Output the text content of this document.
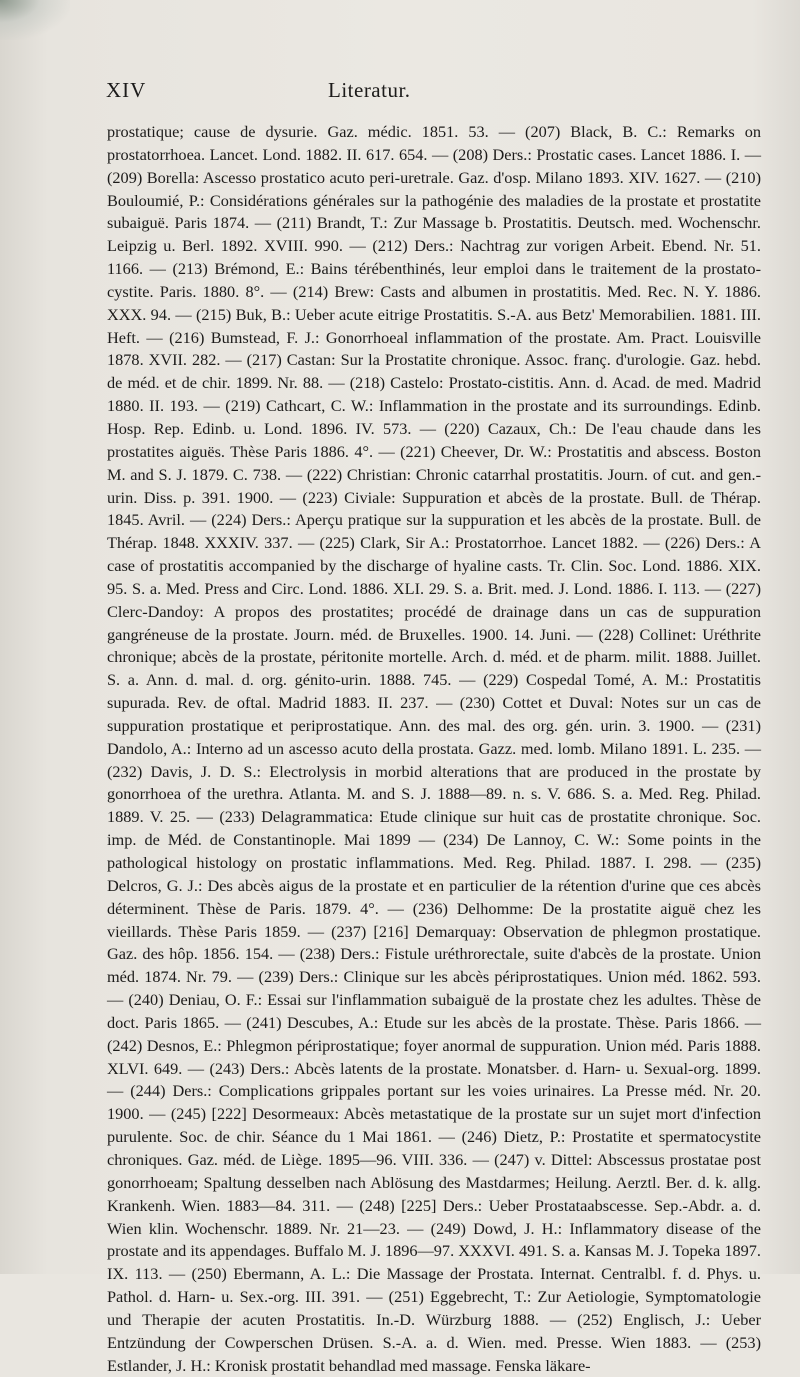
XIV	Literatur.

prostatique; cause de dysurie. Gaz. médic. 1851. 53. — (207) Black, B. C.: Remarks on prostatorrhoea. Lancet. Lond. 1882. II. 617. 654. — (208) Ders.: Prostatic cases. Lancet 1886. I. — (209) Borella: Ascesso prostatico acuto peri-uretrale. Gaz. d'osp. Milano 1893. XIV. 1627. — (210) Bouloumié, P.: Considérations générales sur la pathogénie des maladies de la prostate et prostatite subaiguë. Paris 1874. — (211) Brandt, T.: Zur Massage b. Prostatitis. Deutsch. med. Wochenschr. Leipzig u. Berl. 1892. XVIII. 990. — (212) Ders.: Nachtrag zur vorigen Arbeit. Ebend. Nr. 51. 1166. — (213) Brémond, E.: Bains térébenthinés, leur emploi dans le traitement de la prostato-cystite. Paris. 1880. 8°. — (214) Brew: Casts and albumen in prostatitis. Med. Rec. N. Y. 1886. XXX. 94. — (215) Buk, B.: Ueber acute eitrige Prostatitis. S.-A. aus Betz' Memorabilien. 1881. III. Heft. — (216) Bumstead, F. J.: Gonorrhoeal inflammation of the prostate. Am. Pract. Louisville 1878. XVII. 282. — (217) Castan: Sur la Prostatite chronique. Assoc. franç. d'urologie. Gaz. hebd. de méd. et de chir. 1899. Nr. 88. — (218) Castelo: Prostato-cistitis. Ann. d. Acad. de med. Madrid 1880. II. 193. — (219) Cathcart, C. W.: Inflammation in the prostate and its surroundings. Edinb. Hosp. Rep. Edinb. u. Lond. 1896. IV. 573. — (220) Cazaux, Ch.: De l'eau chaude dans les prostatites aiguës. Thèse Paris 1886. 4°. — (221) Cheever, Dr. W.: Prostatitis and abscess. Boston M. and S. J. 1879. C. 738. — (222) Christian: Chronic catarrhal prostatitis. Journ. of cut. and gen.-urin. Diss. p. 391. 1900. — (223) Civiale: Suppuration et abcès de la prostate. Bull. de Thérap. 1845. Avril. — (224) Ders.: Aperçu pratique sur la suppuration et les abcès de la prostate. Bull. de Thérap. 1848. XXXIV. 337. — (225) Clark, Sir A.: Prostatorrhoe. Lancet 1882. — (226) Ders.: A case of prostatitis accompanied by the discharge of hyaline casts. Tr. Clin. Soc. Lond. 1886. XIX. 95. S. a. Med. Press and Circ. Lond. 1886. XLI. 29. S. a. Brit. med. J. Lond. 1886. I. 113. — (227) Clerc-Dandoy: A propos des prostatites; procédé de drainage dans un cas de suppuration gangréneuse de la prostate. Journ. méd. de Bruxelles. 1900. 14. Juni. — (228) Collinet: Uréthrite chronique; abcès de la prostate, péritonite mortelle. Arch. d. méd. et de pharm. milit. 1888. Juillet. S. a. Ann. d. mal. d. org. génito-urin. 1888. 745. — (229) Cospedal Tomé, A. M.: Prostatitis supurada. Rev. de oftal. Madrid 1883. II. 237. — (230) Cottet et Duval: Notes sur un cas de suppuration prostatique et periprostatique. Ann. des mal. des org. gén. urin. 3. 1900. — (231) Dandolo, A.: Interno ad un ascesso acuto della prostata. Gazz. med. lomb. Milano 1891. L. 235. — (232) Davis, J. D. S.: Electrolysis in morbid alterations that are produced in the prostate by gonorrhoea of the urethra. Atlanta. M. and S. J. 1888—89. n. s. V. 686. S. a. Med. Reg. Philad. 1889. V. 25. — (233) Delagrammatica: Etude clinique sur huit cas de prostatite chronique. Soc. imp. de Méd. de Constantinople. Mai 1899 — (234) De Lannoy, C. W.: Some points in the pathological histology on prostatic inflammations. Med. Reg. Philad. 1887. I. 298. — (235) Delcros, G. J.: Des abcès aigus de la prostate et en particulier de la rétention d'urine que ces abcès déterminent. Thèse de Paris. 1879. 4°. — (236) Delhomme: De la prostatite aiguë chez les vieillards. Thèse Paris 1859. — (237) [216] Demarquay: Observation de phlegmon prostatique. Gaz. des hôp. 1856. 154. — (238) Ders.: Fistule uréthrorectale, suite d'abcès de la prostate. Union méd. 1874. Nr. 79. — (239) Ders.: Clinique sur les abcès périprostatiques. Union méd. 1862. 593. — (240) Deniau, O. F.: Essai sur l'inflammation subaiguë de la prostate chez les adultes. Thèse de doct. Paris 1865. — (241) Descubes, A.: Etude sur les abcès de la prostate. Thèse. Paris 1866. — (242) Desnos, E.: Phlegmon périprostatique; foyer anormal de suppuration. Union méd. Paris 1888. XLVI. 649. — (243) Ders.: Abcès latents de la prostate. Monatsber. d. Harn- u. Sexual-org. 1899. — (244) Ders.: Complications grippales portant sur les voies urinaires. La Presse méd. Nr. 20. 1900. — (245) [222] Desormeaux: Abcès metastatique de la prostate sur un sujet mort d'infection purulente. Soc. de chir. Séance du 1 Mai 1861. — (246) Dietz, P.: Prostatite et spermatocystite chroniques. Gaz. méd. de Liège. 1895—96. VIII. 336. — (247) v. Dittel: Abscessus prostatae post gonorrhoeam; Spaltung desselben nach Ablösung des Mastdarmes; Heilung. Aerztl. Ber. d. k. allg. Krankenh. Wien. 1883—84. 311. — (248) [225] Ders.: Ueber Prostataabscesse. Sep.-Abdr. a. d. Wien klin. Wochenschr. 1889. Nr. 21—23. — (249) Dowd, J. H.: Inflammatory disease of the prostate and its appendages. Buffalo M. J. 1896—97. XXXVI. 491. S. a. Kansas M. J. Topeka 1897. IX. 113. — (250) Ebermann, A. L.: Die Massage der Prostata. Internat. Centralbl. f. d. Phys. u. Pathol. d. Harn- u. Sex.-org. III. 391. — (251) Eggebrecht, T.: Zur Aetiologie, Symptomatologie und Therapie der acuten Prostatitis. In.-D. Würzburg 1888. — (252) Englisch, J.: Ueber Entzündung der Cowperschen Drüsen. S.-A. a. d. Wien. med. Presse. Wien 1883. — (253) Estlander, J. H.: Kronisk prostatit behandlad med massage. Fenska läkare-
